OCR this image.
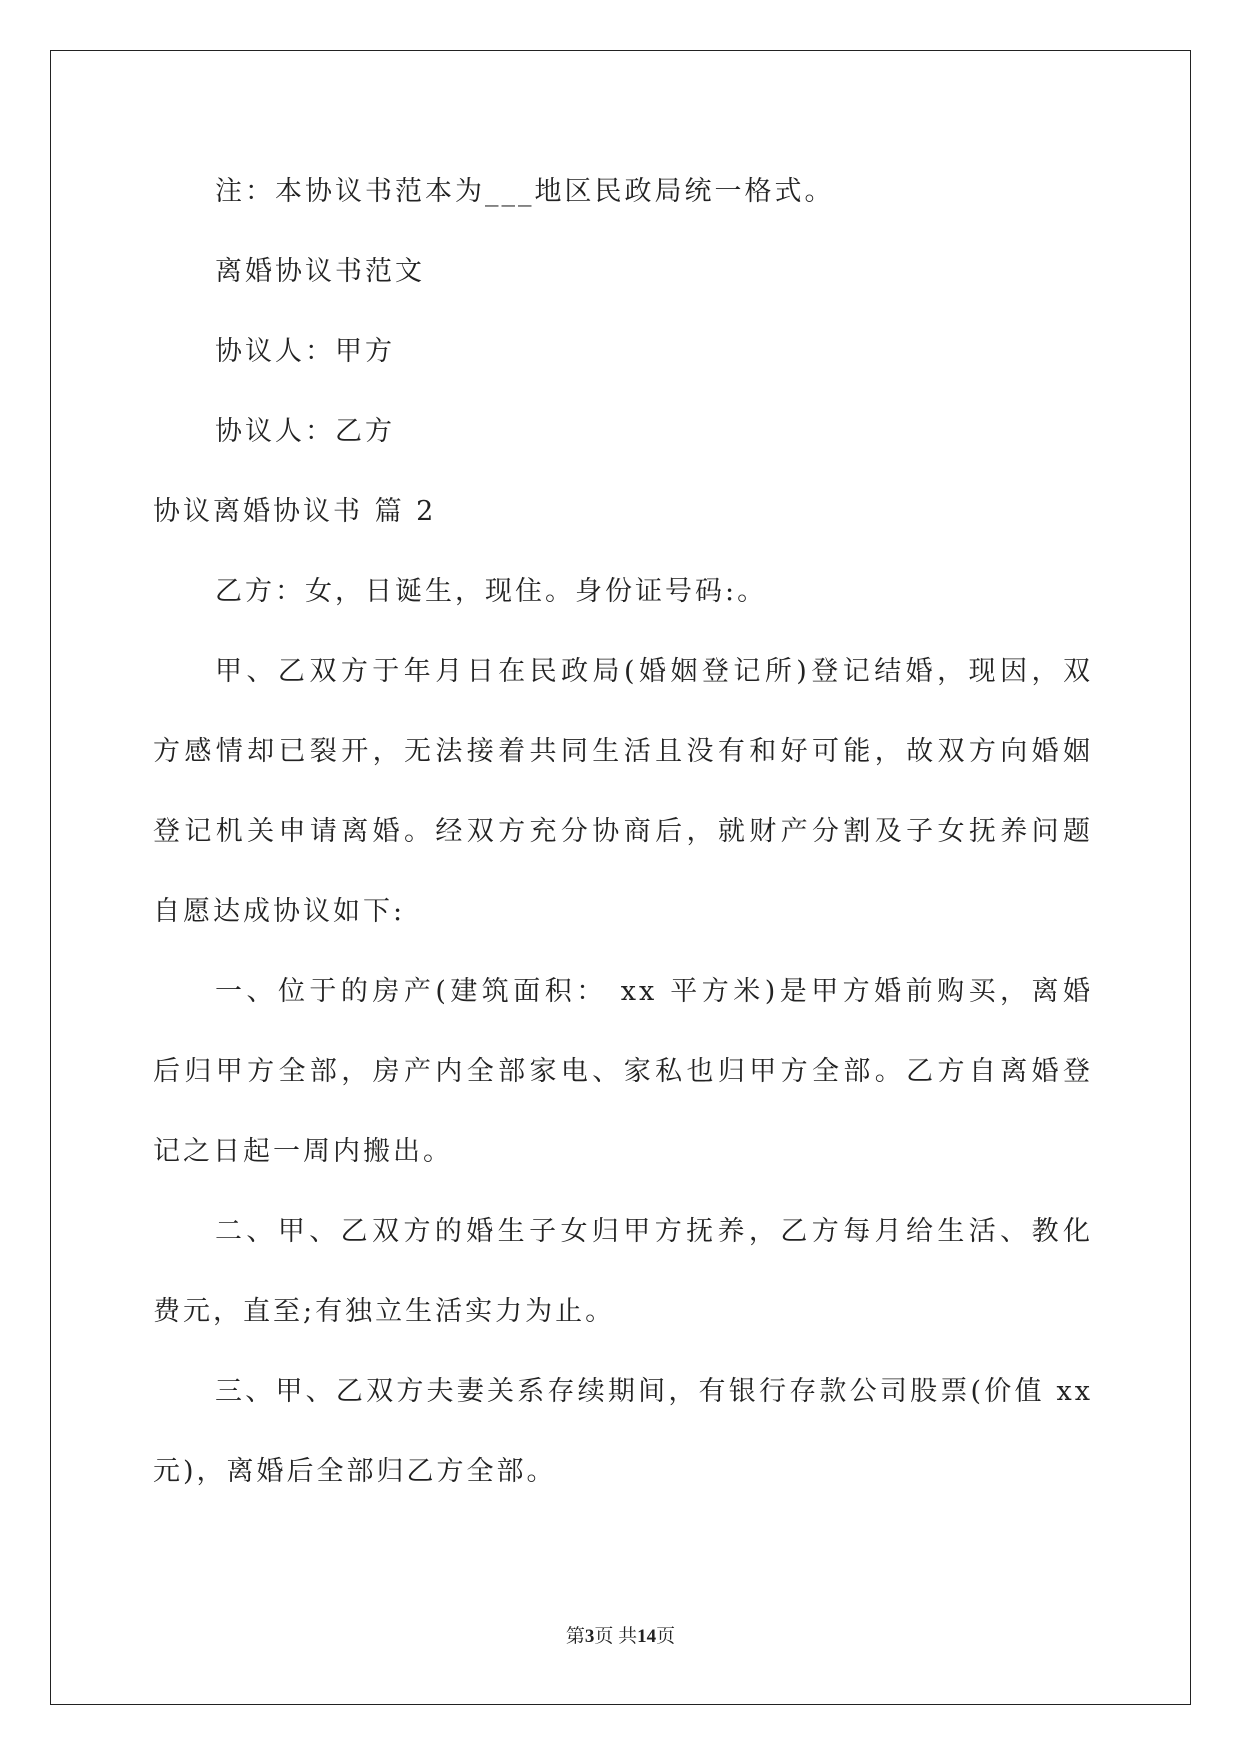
注：本协议书范本为___地区民政局统一格式。
离婚协议书范文
协议人：甲方
协议人：乙方
协议离婚协议书 篇 2
乙方：女，日诞生，现住。身份证号码:。
甲、乙双方于年月日在民政局(婚姻登记所)登记结婚，现因，双
方感情却已裂开，无法接着共同生活且没有和好可能，故双方向婚姻
登记机关申请离婚。经双方充分协商后，就财产分割及子女抚养问题
自愿达成协议如下:
一、位于的房产(建筑面积： xx 平方米)是甲方婚前购买，离婚
后归甲方全部，房产内全部家电、家私也归甲方全部。乙方自离婚登
记之日起一周内搬出。
二、甲、乙双方的婚生子女归甲方抚养，乙方每月给生活、教化
费元，直至;有独立生活实力为止。
三、甲、乙双方夫妻关系存续期间，有银行存款公司股票(价值 xx
元)，离婚后全部归乙方全部。
第3页 共14页
